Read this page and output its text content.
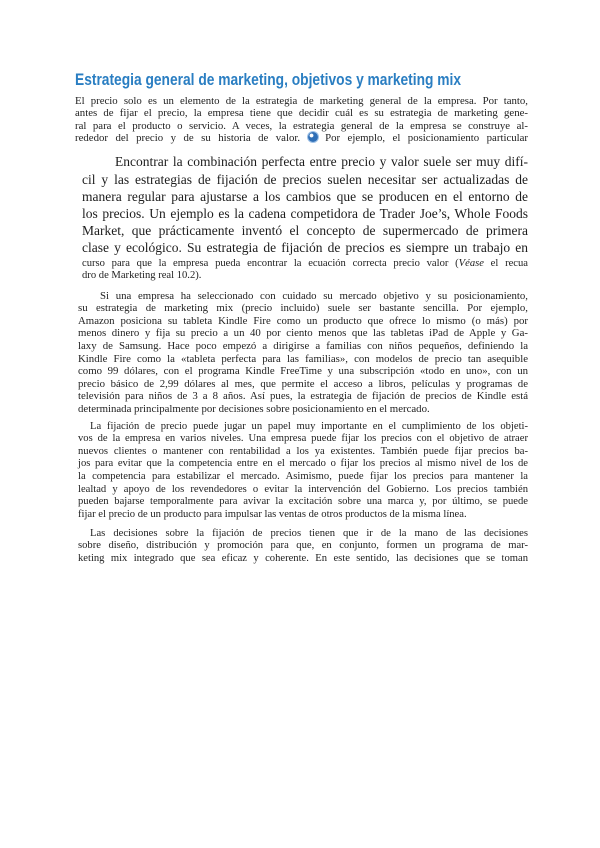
Estrategia general de marketing, objetivos y marketing mix
El precio solo es un elemento de la estrategia de marketing general de la empresa. Por tanto,
antes de fijar el precio, la empresa tiene que decidir cuál es su estrategia de marketing gene-
ral para el producto o servicio. A veces, la estrategia general de la empresa se construye al-
rededor del precio y de su historia de valor. Por ejemplo, el posicionamiento particular
Encontrar la combinación perfecta entre precio y valor suele ser muy difí-
cil y las estrategias de fijación de precios suelen necesitar ser actualizadas de
manera regular para ajustarse a los cambios que se producen en el entorno de
los precios. Un ejemplo es la cadena competidora de Trader Joe’s, Whole Foods
Market, que prácticamente inventó el concepto de supermercado de primera
clase y ecológico. Su estrategia de fijación de precios es siempre un trabajo en
curso para que la empresa pueda encontrar la ecuación correcta precio valor (Véase el recua
dro de Marketing real 10.2).
Si una empresa ha seleccionado con cuidado su mercado objetivo y su posicionamiento,
su estrategia de marketing mix (precio incluido) suele ser bastante sencilla. Por ejemplo,
Amazon posiciona su tableta Kindle Fire como un producto que ofrece lo mismo (o más) por
menos dinero y fija su precio a un 40 por ciento menos que las tabletas iPad de Apple y Ga-
laxy de Samsung. Hace poco empezó a dirigirse a familias con niños pequeños, definiendo la
Kindle Fire como la «tableta perfecta para las familias», con modelos de precio tan asequible
como 99 dólares, con el programa Kindle FreeTime y una subscripción «todo en uno», con un
precio básico de 2,99 dólares al mes, que permite el acceso a libros, películas y programas de
televisión para niños de 3 a 8 años. Así pues, la estrategia de fijación de precios de Kindle está
determinada principalmente por decisiones sobre posicionamiento en el mercado.
La fijación de precio puede jugar un papel muy importante en el cumplimiento de los objeti-
vos de la empresa en varios niveles. Una empresa puede fijar los precios con el objetivo de atraer
nuevos clientes o mantener con rentabilidad a los ya existentes. También puede fijar precios ba-
jos para evitar que la competencia entre en el mercado o fijar los precios al mismo nivel de los de
la competencia para estabilizar el mercado. Asimismo, puede fijar los precios para mantener la
lealtad y apoyo de los revendedores o evitar la intervención del Gobierno. Los precios también
pueden bajarse temporalmente para avivar la excitación sobre una marca y, por último, se puede
fijar el precio de un producto para impulsar las ventas de otros productos de la misma línea.
Las decisiones sobre la fijación de precios tienen que ir de la mano de las decisiones
sobre diseño, distribución y promoción para que, en conjunto, formen un programa de mar-
keting mix integrado que sea eficaz y coherente. En este sentido, las decisiones que se toman
